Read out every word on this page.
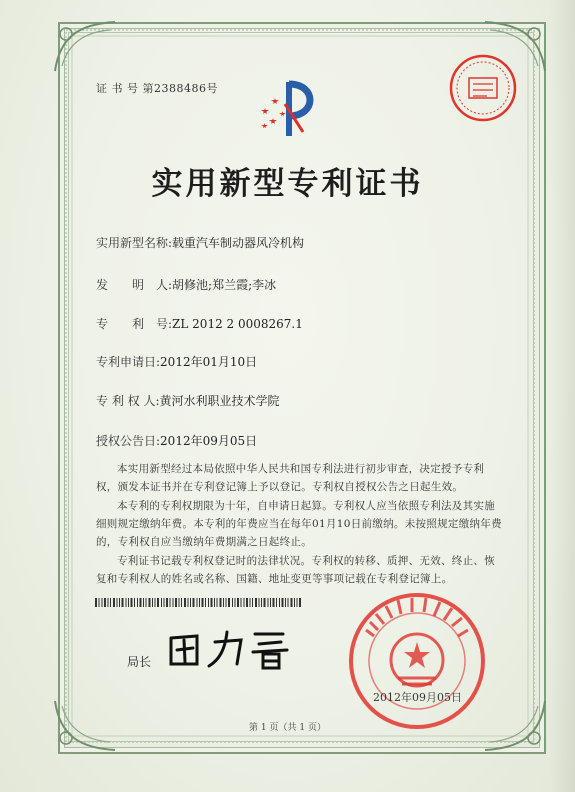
证 书 号 第2388486号
实用新型专利证书
实用新型名称:载重汽车制动器风冷机构
发　　明　人:胡修池;郑兰霞;李冰
专　　利　号:ZL 2012 2 0008267.1
专利申请日:2012年01月10日
专 利 权 人:黄河水利职业技术学院
授权公告日:2012年09月05日
本实用新型经过本局依照中华人民共和国专利法进行初步审查，决定授予专利权，颁发本证书并在专利登记簿上予以登记。专利权自授权公告之日起生效。
本专利的专利权期限为十年，自申请日起算。专利权人应当依照专利法及其实施细则规定缴纳年费。本专利的年费应当在每年01月10日前缴纳。未按照规定缴纳年费的，专利权自应当缴纳年费期满之日起终止。
专利证书记载专利权登记时的法律状况。专利权的转移、质押、无效、终止、恢复和专利权人的姓名或名称、国籍、地址变更等事项记载在专利登记簿上。
局长
2012年09月05日
第 1 页（共 1 页）
